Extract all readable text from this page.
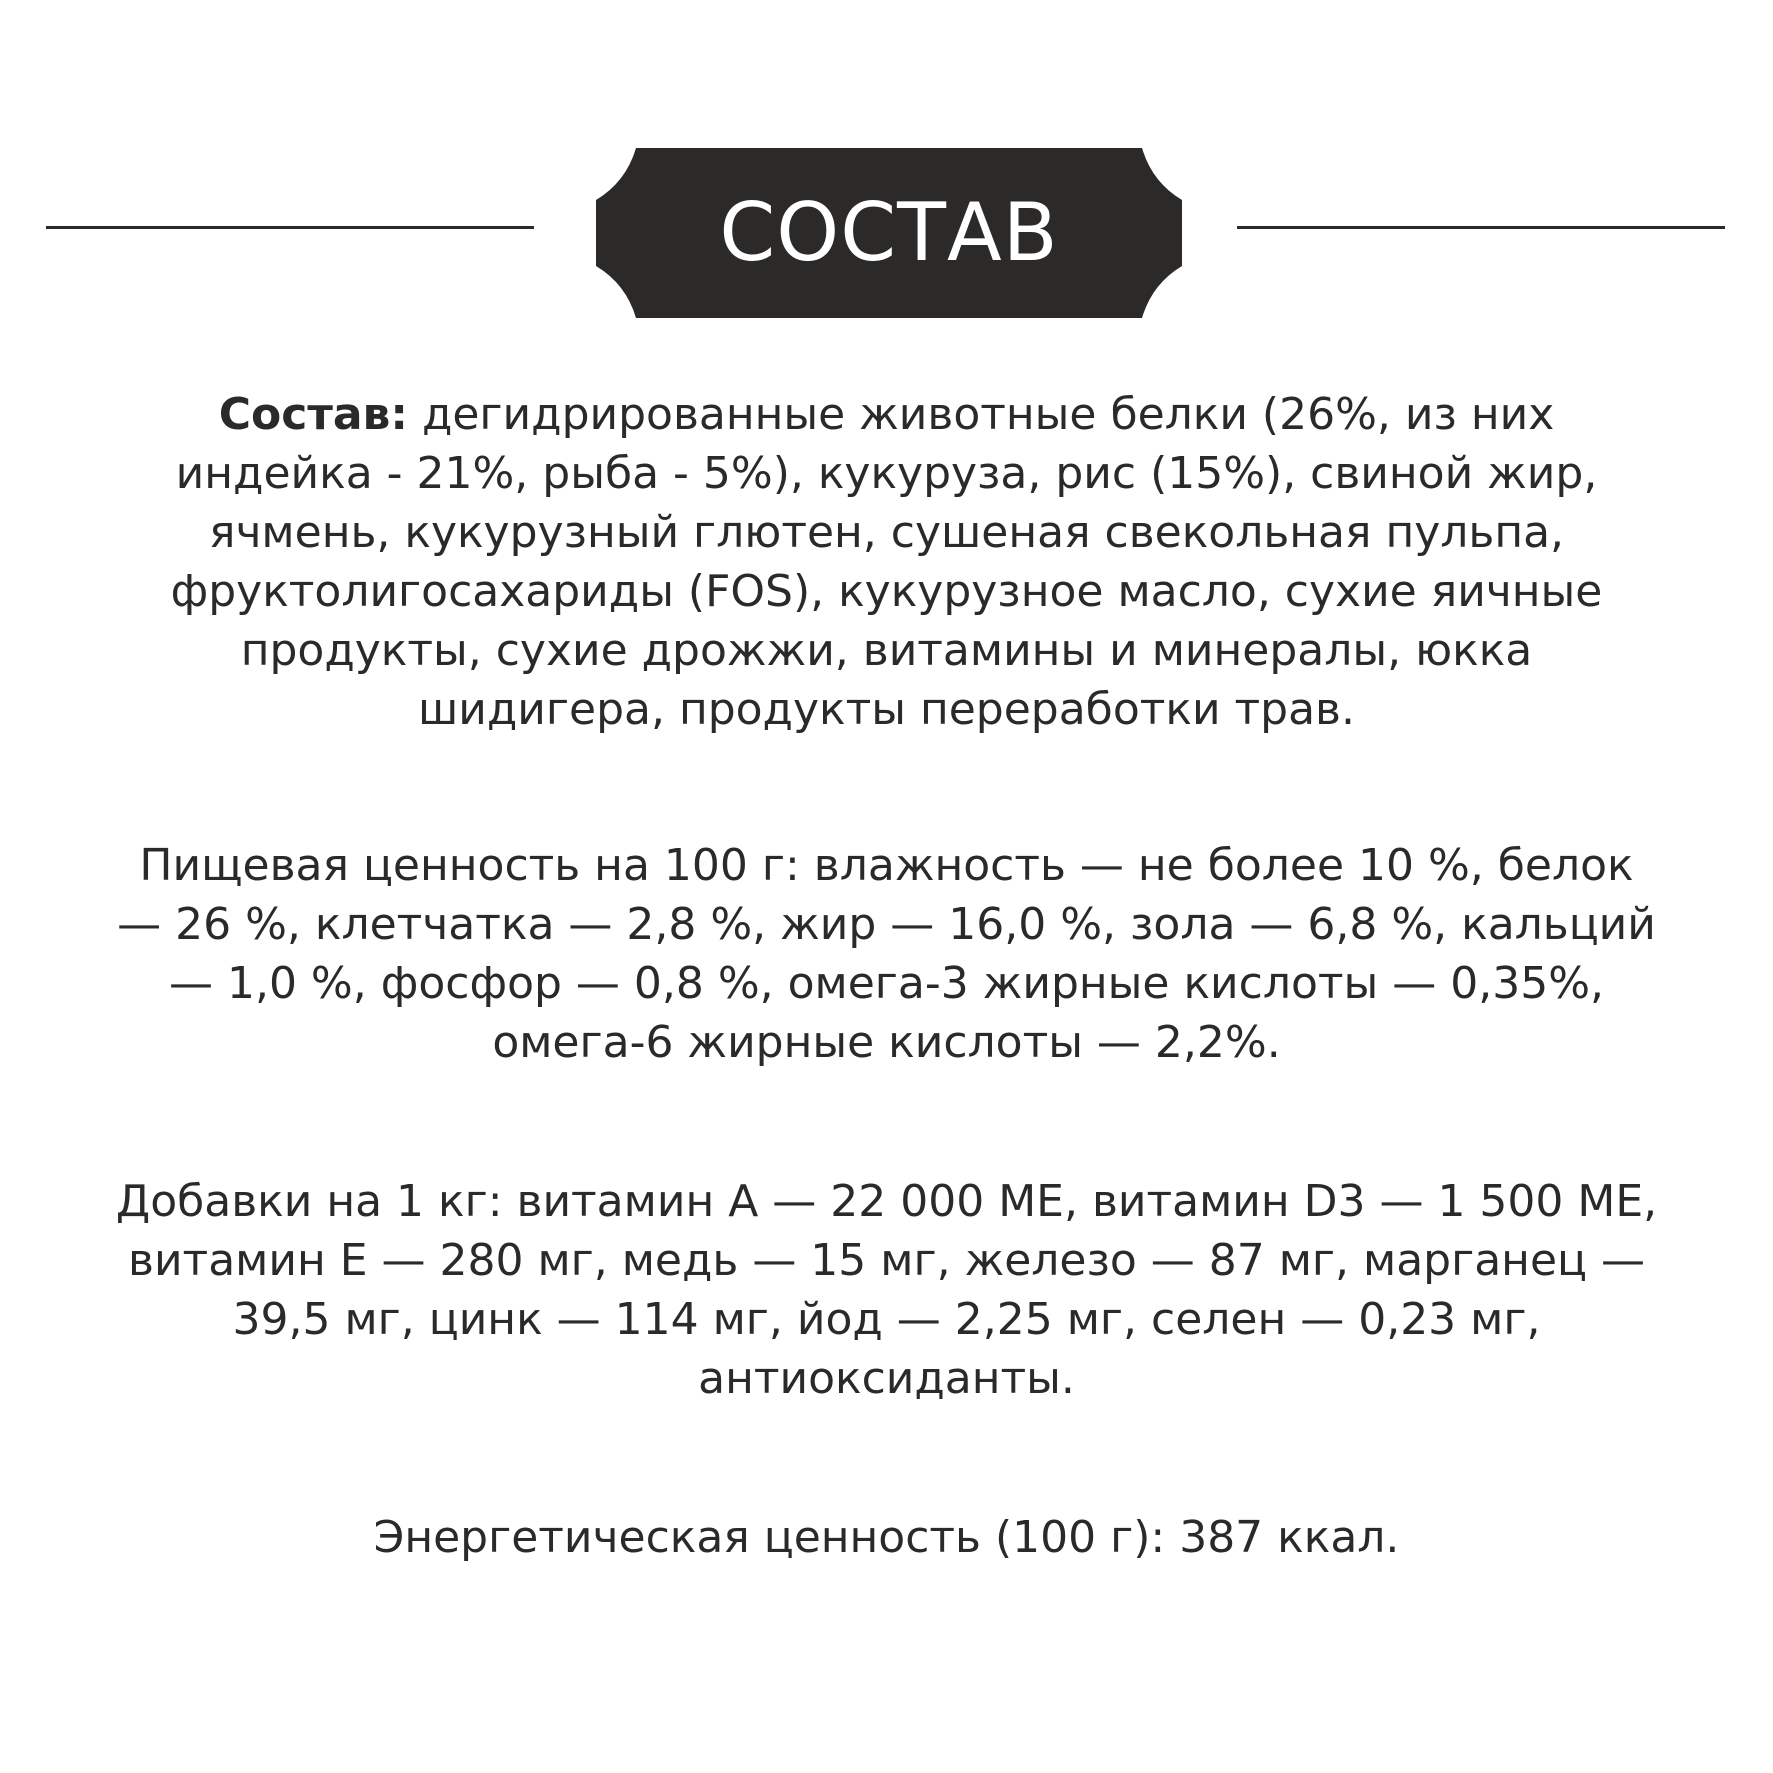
СОСТАВ
Состав: дегидрированные животные белки (26%, из них индейка - 21%, рыба - 5%), кукуруза, рис (15%), свиной жир, ячмень, кукурузный глютен, сушеная свекольная пульпа, фруктолигосахариды (FOS), кукурузное масло, сухие яичные продукты, сухие дрожжи, витамины и минералы, юкка шидигера, продукты переработки трав.
Пищевая ценность на 100 г: влажность — не более 10 %, белок — 26 %, клетчатка — 2,8 %, жир — 16,0 %, зола — 6,8 %, кальций — 1,0 %, фосфор — 0,8 %, омега-3 жирные кислоты — 0,35%, омега-6 жирные кислоты — 2,2%.
Добавки на 1 кг: витамин А — 22 000 МЕ, витамин D3 — 1 500 МЕ, витамин Е — 280 мг, медь — 15 мг, железо — 87 мг, марганец — 39,5 мг, цинк — 114 мг, йод — 2,25 мг, селен — 0,23 мг, антиоксиданты.
Энергетическая ценность (100 г): 387 ккал.
